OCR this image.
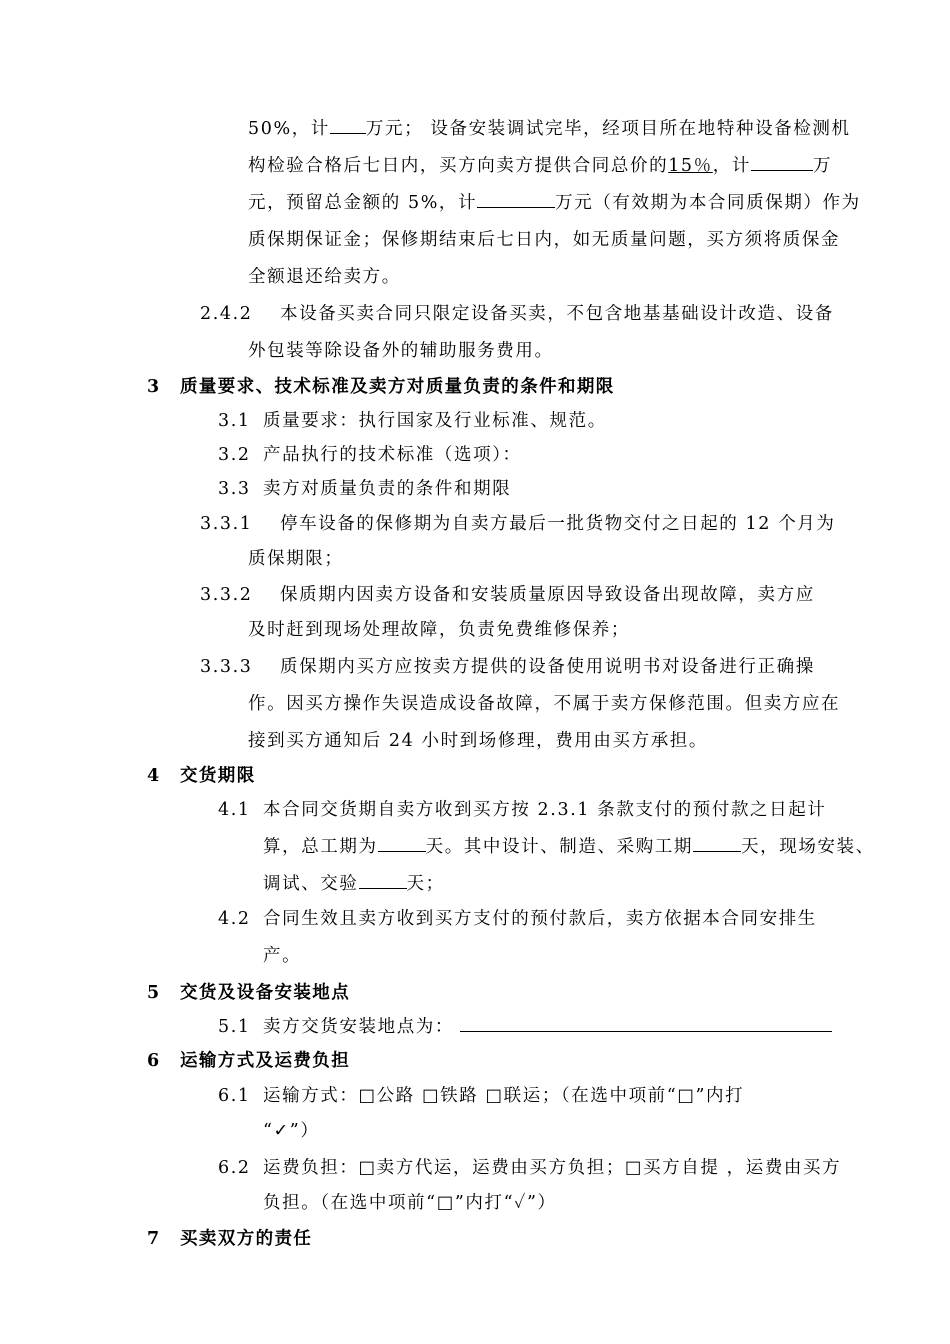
50%，计 万元； 设备安装调试完毕，经项目所在地特种设备检测机
构检验合格后七日内，买方向卖方提供合同总价的15％，计	万
元，预留总金额的 5%，计	万元（有效期为本合同质保期）作为
质保期保证金；保修期结束后七日内，如无质量问题，买方须将质保金
全额退还给卖方。
2.4.2 本设备买卖合同只限定设备买卖，不包含地基基础设计改造、设备
外包装等除设备外的辅助服务费用。
3 质量要求、技术标准及卖方对质量负责的条件和期限
3.1 质量要求：执行国家及行业标准、规范。
3.2 产品执行的技术标准（选项）：
3.3 卖方对质量负责的条件和期限
3.3.1 停车设备的保修期为自卖方最后一批货物交付之日起的 12 个月为
质保期限；
3.3.2 保质期内因卖方设备和安装质量原因导致设备出现故障，卖方应
及时赶到现场处理故障，负责免费维修保养；
3.3.3 质保期内买方应按卖方提供的设备使用说明书对设备进行正确操
作。因买方操作失误造成设备故障，不属于卖方保修范围。但卖方应在
接到买方通知后 24 小时到场修理，费用由买方承担。
4 交货期限
4.1 本合同交货期自卖方收到买方按 2.3.1 条款支付的预付款之日起计
算，总工期为	天。其中设计、制造、采购工期	天，现场安装、
调试、交验	天；
4.2 合同生效且卖方收到买方支付的预付款后，卖方依据本合同安排生
产。
5 交货及设备安装地点
5.1 卖方交货安装地点为：
6 运输方式及运费负担
6.1 运输方式：□公路 □铁路 □联运；（在选中项前“□”内打
“✓”）
6.2 运费负担：□卖方代运，运费由买方负担；□买方自提 ，运费由买方
负担。（在选中项前“□”内打“✓”）
7 买卖双方的责任
